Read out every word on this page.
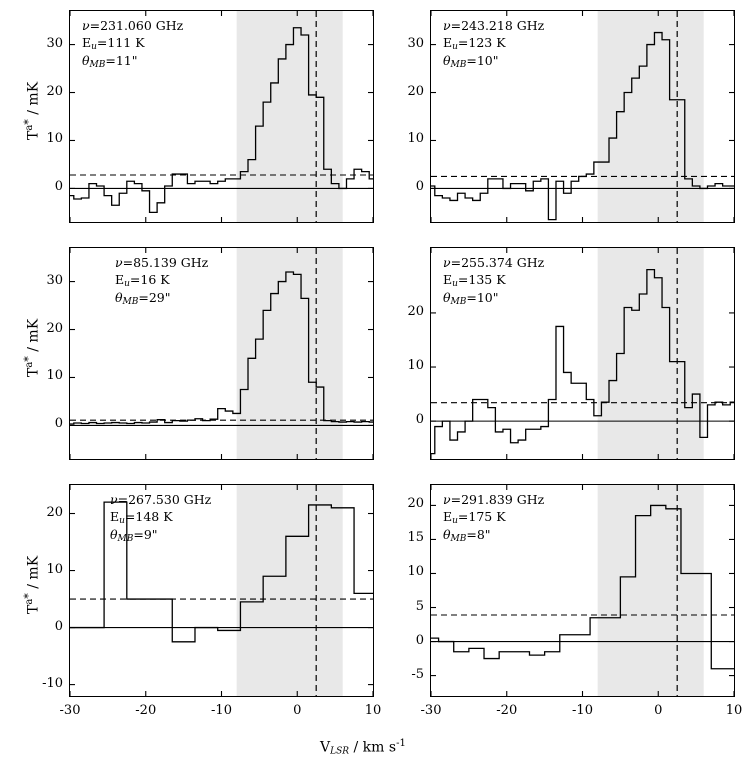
$T^{a*}$ / mK
$T^{a*}$ / mK
$T^{a*}$ / mK
$V_{LSR}$ / km $s^{-1}$
ν=231.060 GHz
$E_u=111$ K
$\theta_{MB}=11$"
ν=243.218 GHz
$E_u=123$ K
$\theta_{MB}=10$"
ν=85.139 GHz
$E_u=16$ K
$\theta_{MB}=29$"
ν=255.374 GHz
$E_u=135$ K
$\theta_{MB}=10$"
ν=267.530 GHz
$E_u=148$ K
$\theta_{MB}=9$"
ν=291.839 GHz
$E_u=175$ K
$\theta_{MB}=8$"
0
10
20
30
0
10
20
30
0
10
20
30
0
10
20
-10
0
10
20
-30	-20	-10	0	10
-5
0
5
10
15
20
-30	-20	-10	0	10
